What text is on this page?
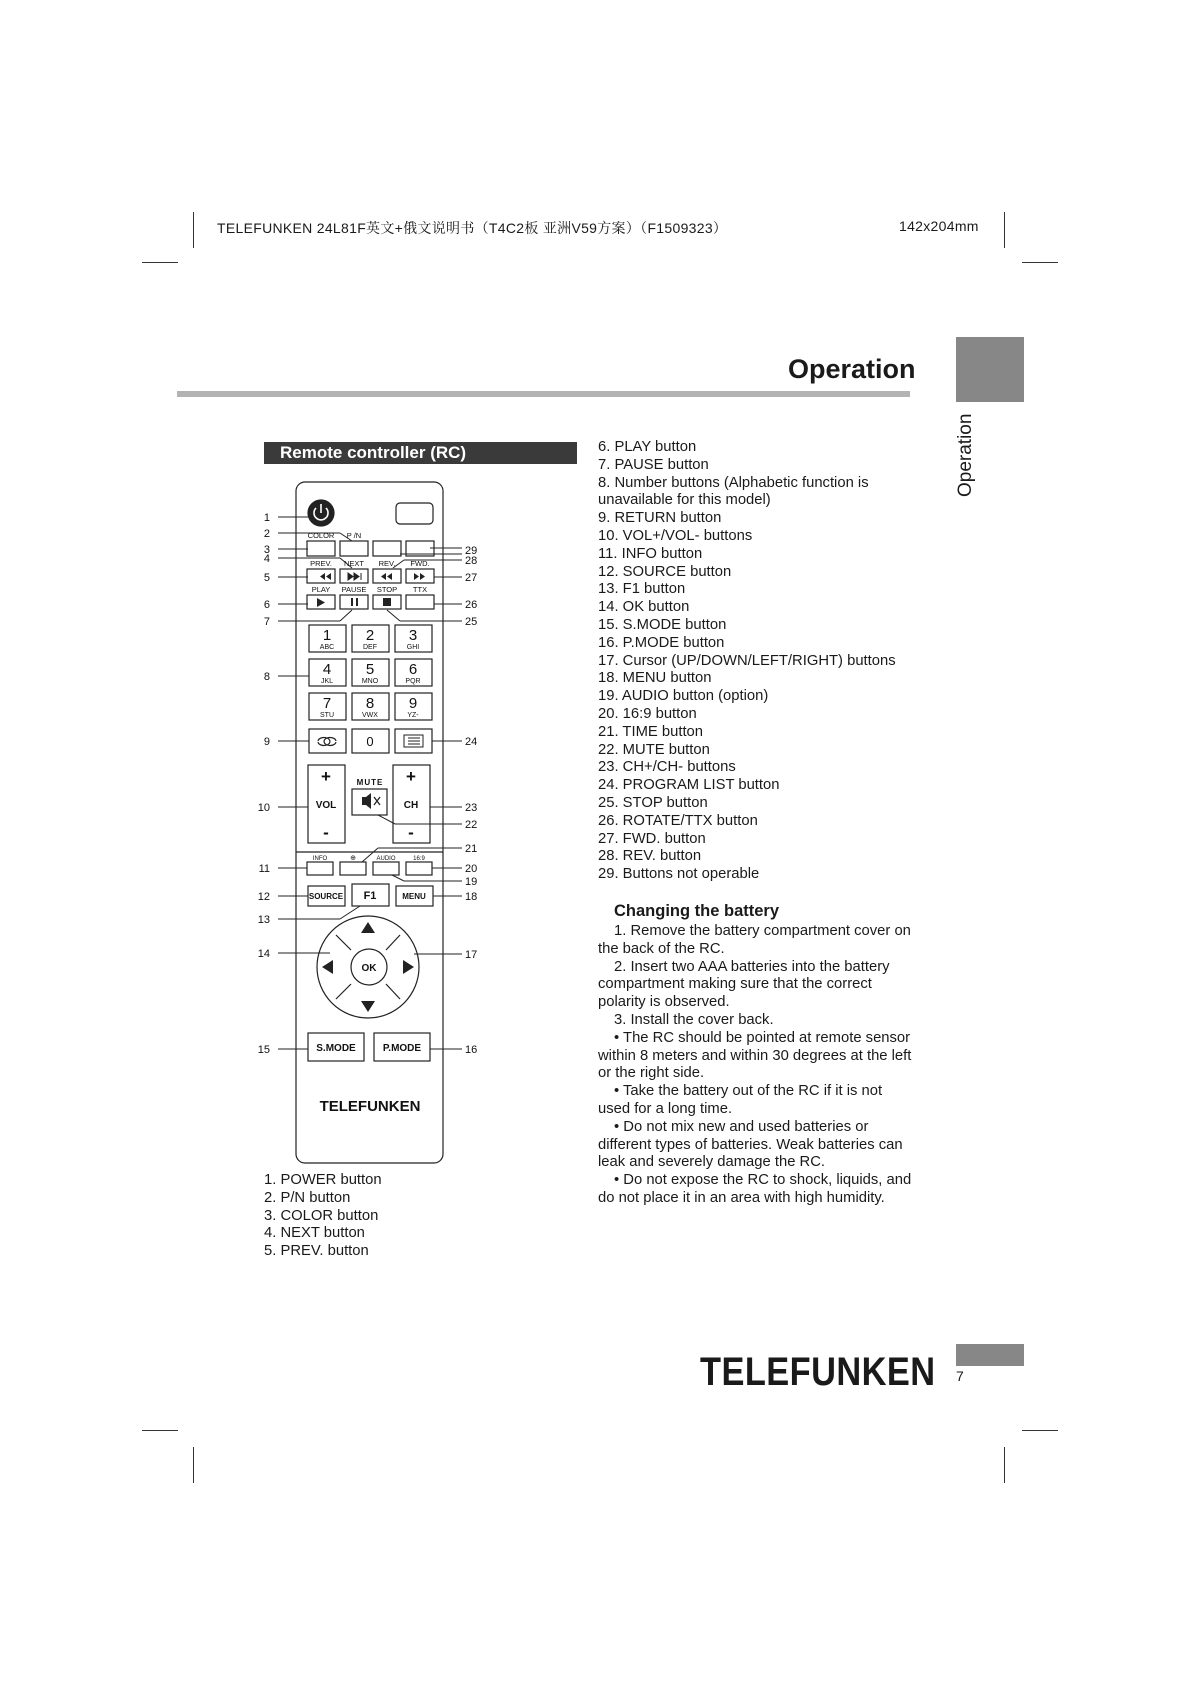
TELEFUNKEN 24L81F英文+俄文说明书（T4C2板 亚洲V59方案）（F1509323）	142x204mm
Operation
Operation
Remote controller (RC)
COLOR P /N
PREV. NEXT REV. FWD.
PLAY PAUSE STOP TTX
1
ABC
2
DEF
3
GHI
4
JKL
5
MNO
6
PQR
7
STU
8
VWX
9
YZ-
0
+
VOL
-
+
CH
-
MUTE
INFO	⊕	AUDIO	16:9
SOURCE F1	MENU
OK
S.MODE	P.MODE
TELEFUNKEN
1
2
3
4
5
6
7
8
9
10
11
12
13
14
15	16
17
18
19
20
21
22
23
24
25
26
27
28
29
1. POWER button
2. P/N button
3. COLOR button
4. NEXT button
5. PREV. button
6. PLAY button
7. PAUSE button
8. Number buttons (Alphabetic function is
unavailable for this model)
9. RETURN button
10. VOL+/VOL- buttons
11. INFO button
12. SOURCE button
13. F1 button
14. OK button
15. S.MODE button
16. P.MODE button
17. Cursor (UP/DOWN/LEFT/RIGHT) buttons
18. MENU button
19. AUDIO button (option)
20. 16:9 button
21. TIME button
22. MUTE button
23. CH+/CH- buttons
24. PROGRAM LIST button
25. STOP button
26. ROTATE/TTX button
27. FWD. button
28. REV. button
29. Buttons not operable
Changing the battery

1. Remove the battery compartment cover on the back of the RC.

2. Insert two AAA batteries into the battery compartment making sure that the correct polarity is observed.

3. Install the cover back.

• The RC should be pointed at remote sensor within 8 meters and within 30 degrees at the left or the right side.

• Take the battery out of the RC if it is not used for a long time.

• Do not mix new and used batteries or different types of batteries. Weak batteries can leak and severely damage the RC.

• Do not expose the RC to shock, liquids, and do not place it in an area with high humidity.

TELEFUNKEN 7
